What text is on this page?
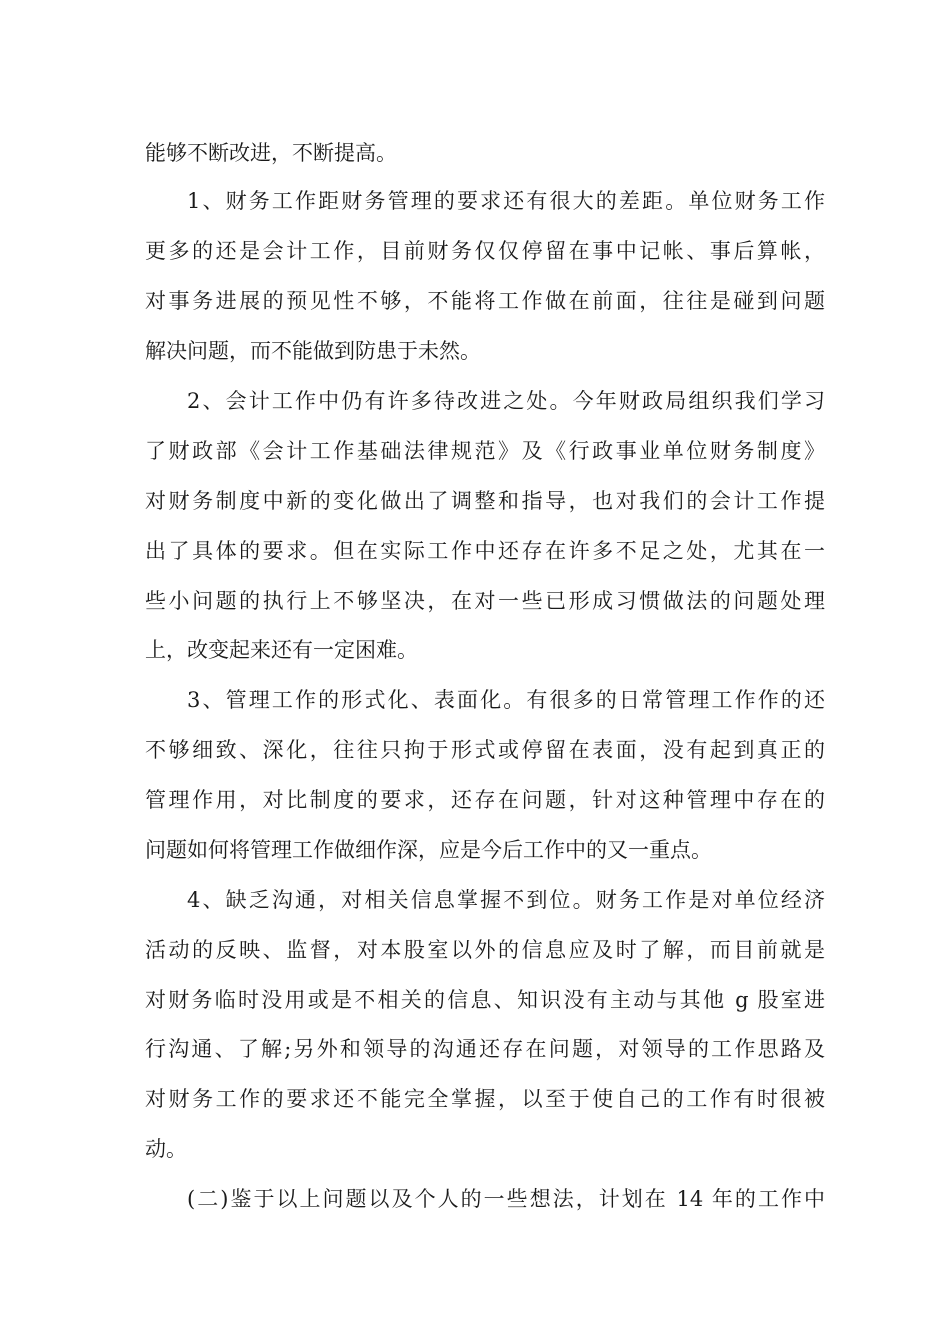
能够不断改进，不断提高。
1、财务工作距财务管理的要求还有很大的差距。单位财务工作
更多的还是会计工作，目前财务仅仅停留在事中记帐、事后算帐，
对事务进展的预见性不够，不能将工作做在前面，往往是碰到问题
解决问题，而不能做到防患于未然。
2、会计工作中仍有许多待改进之处。今年财政局组织我们学习
了财政部《会计工作基础法律规范》及《行政事业单位财务制度》
对财务制度中新的变化做出了调整和指导，也对我们的会计工作提
出了具体的要求。但在实际工作中还存在许多不足之处，尤其在一
些小问题的执行上不够坚决，在对一些已形成习惯做法的问题处理
上，改变起来还有一定困难。
3、管理工作的形式化、表面化。有很多的日常管理工作作的还
不够细致、深化，往往只拘于形式或停留在表面，没有起到真正的
管理作用，对比制度的要求，还存在问题，针对这种管理中存在的
问题如何将管理工作做细作深，应是今后工作中的又一重点。
4、缺乏沟通，对相关信息掌握不到位。财务工作是对单位经济
活动的反映、监督，对本股室以外的信息应及时了解，而目前就是
对财务临时没用或是不相关的信息、知识没有主动与其他 g 股室进
行沟通、了解;另外和领导的沟通还存在问题，对领导的工作思路及
对财务工作的要求还不能完全掌握，以至于使自己的工作有时很被
动。
(二)鉴于以上问题以及个人的一些想法，计划在 14 年的工作中
